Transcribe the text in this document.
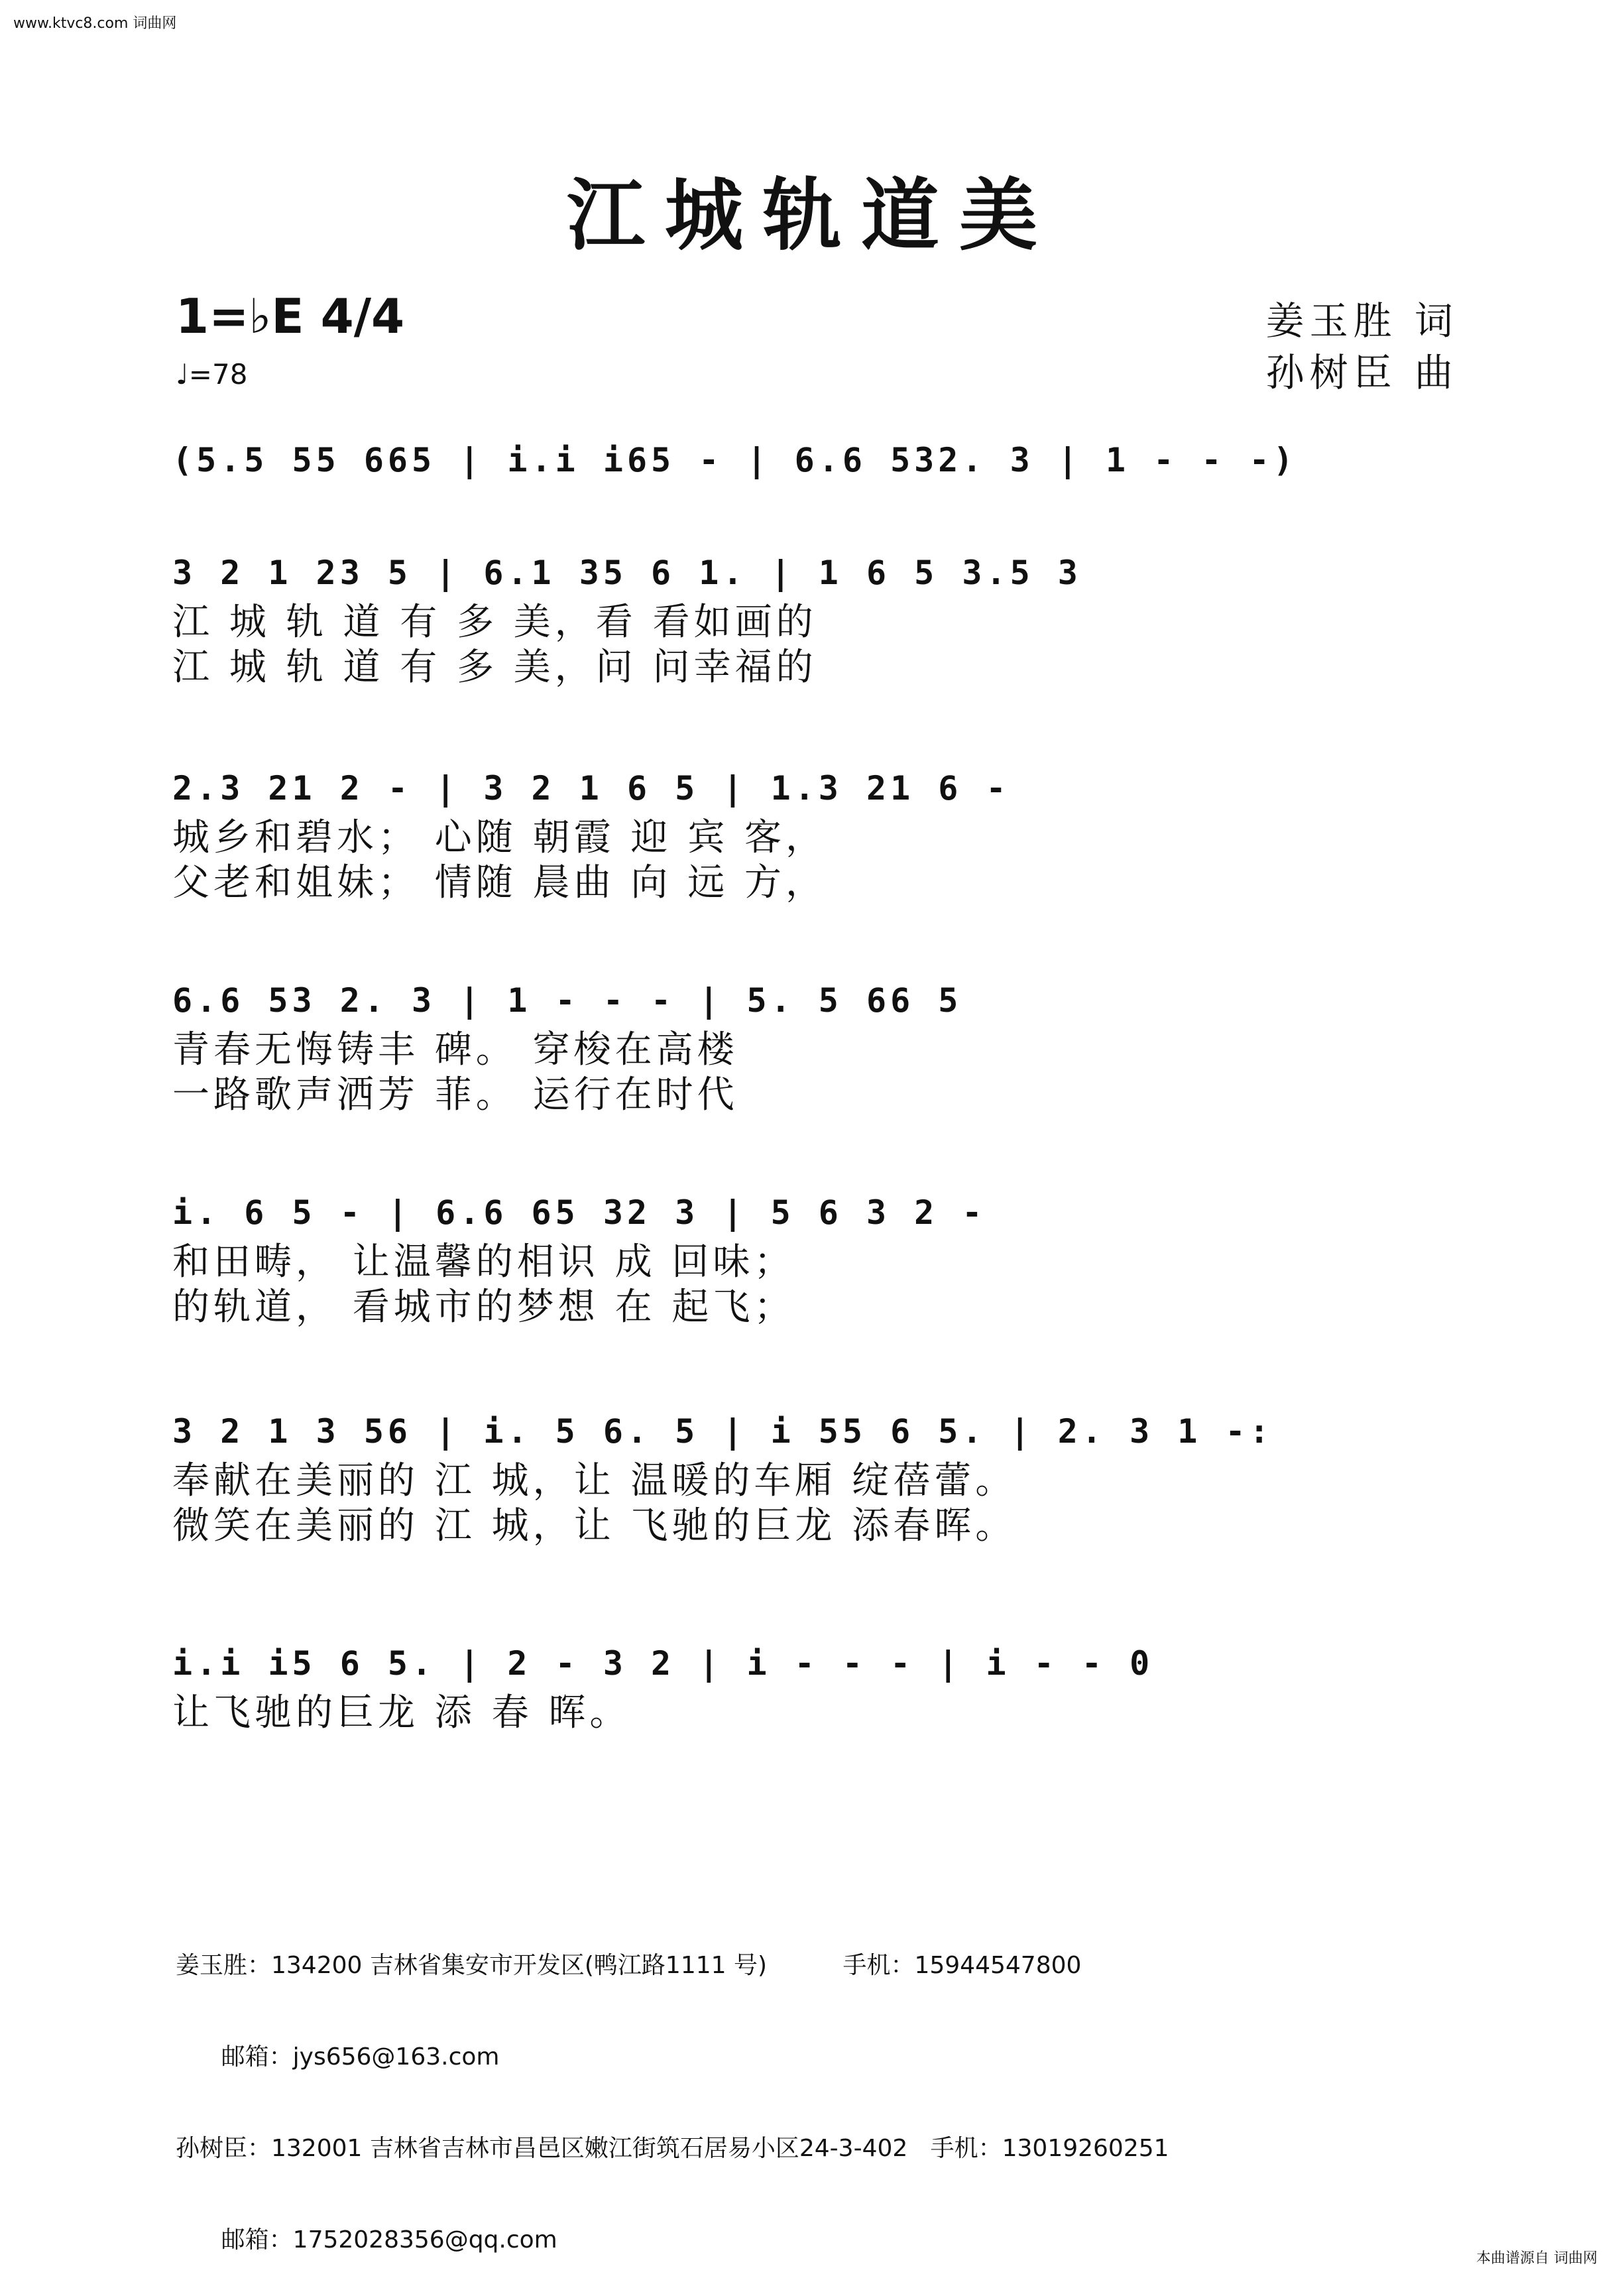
www.ktvc8.com 词曲网
江城轨道美
1=♭E 4/4
♩=78
姜玉胜 词
孙树臣 曲
(5.5 55 665 | i.i i65 - | 6.6 532. 3 | 1 - - -)
3 2 1 23 5 | 6.1 35 6 1. | 1 6 5 3.5 3
江 城 轨 道 有 多 美，看 看如画的
江 城 轨 道 有 多 美，问 问幸福的
2.3 21 2 - | 3 2 1 6 5 | 1.3 21 6 -
城乡和碧水； 心随 朝霞 迎 宾 客，
父老和姐妹； 情随 晨曲 向 远 方，
6.6 53 2. 3 | 1 - - - | 5. 5 66 5
青春无悔铸丰 碑。 穿梭在高楼
一路歌声洒芳 菲。 运行在时代
i. 6 5 - | 6.6 65 32 3 | 5 6 3 2 -
和田畴， 让温馨的相识 成 回味；
的轨道， 看城市的梦想 在 起飞；
3 2 1 3 56 | i. 5 6. 5 | i 55 6 5. | 2. 3 1 -:
奉献在美丽的 江 城，让 温暖的车厢 绽蓓蕾。
微笑在美丽的 江 城，让 飞驰的巨龙 添春晖。
i.i i5 6 5. | 2 - 3 2 | i - - - | i - - 0
让飞驰的巨龙 添 春 晖。

姜玉胜：134200 吉林省集安市开发区(鸭江路1111 号)          手机：15944547800

邮箱：jys656@163.com

孙树臣：132001 吉林省吉林市昌邑区嫩江街筑石居易小区24-3-402   手机：13019260251

邮箱：1752028356@qq.com

本曲谱源自 词曲网
